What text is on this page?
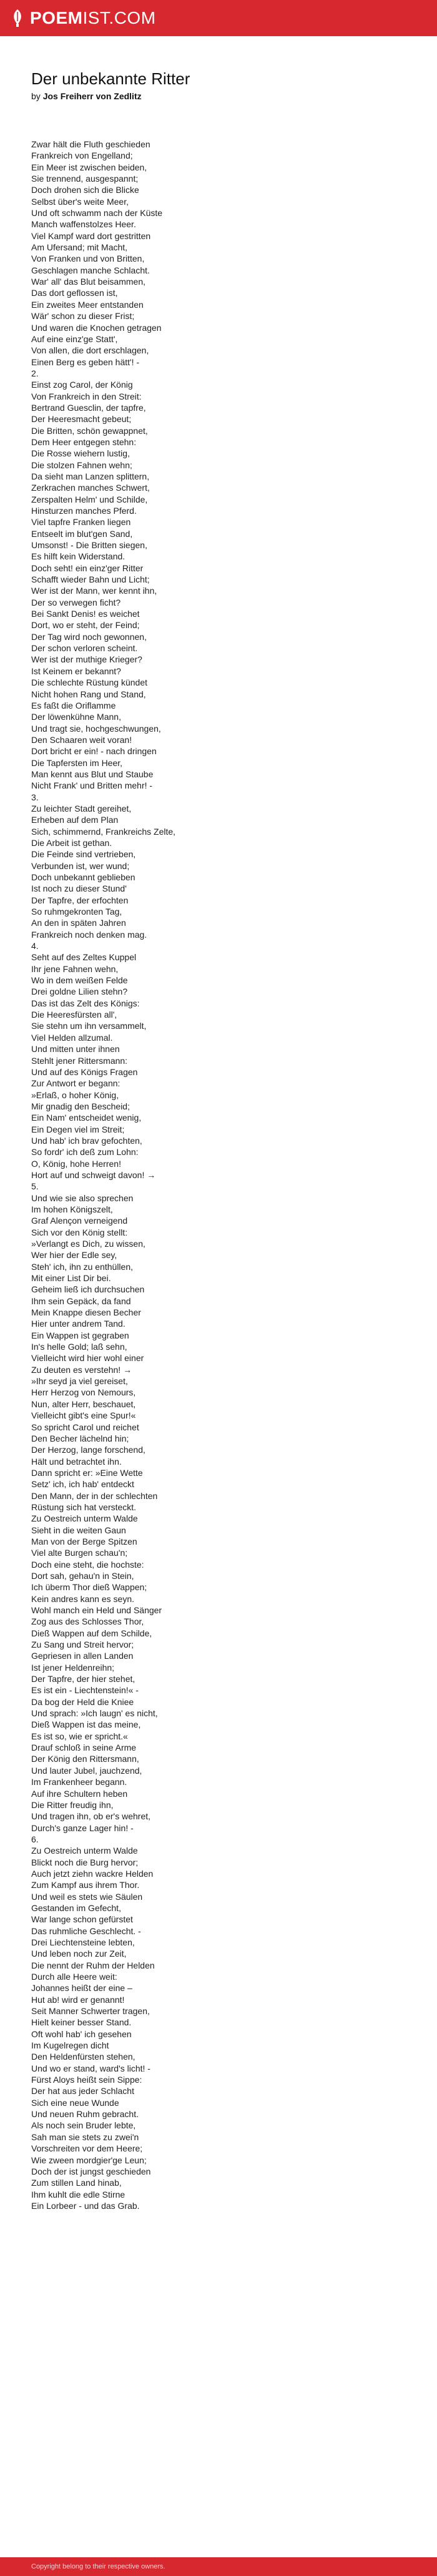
POEMIST.COM
Der unbekannte Ritter
by Jos Freiherr von Zedlitz
Zwar hält die Fluth geschieden
Frankreich von Engelland;
Ein Meer ist zwischen beiden,
Sie trennend, ausgespannt;
Doch drohen sich die Blicke
Selbst über's weite Meer,
Und oft schwamm nach der Küste
Manch waffenstolzes Heer.
Viel Kampf ward dort gestritten
Am Ufersand; mit Macht,
Von Franken und von Britten,
Geschlagen manche Schlacht.
War' all' das Blut beisammen,
Das dort geflossen ist,
Ein zweites Meer entstanden
Wär' schon zu dieser Frist;
Und waren die Knochen getragen
Auf eine einz'ge Statt',
Von allen, die dort erschlagen,
Einen Berg es geben hätt'! -
2.
Einst zog Carol, der König
Von Frankreich in den Streit:
Bertrand Guesclin, der tapfre,
Der Heeresmacht gebeut;
Die Britten, schön gewappnet,
Dem Heer entgegen stehn:
Die Rosse wiehern lustig,
Die stolzen Fahnen wehn;
Da sieht man Lanzen splittern,
Zerkrachen manches Schwert,
Zerspalten Helm' und Schilde,
Hinsturzen manches Pferd.
Viel tapfre Franken liegen
Entseelt im blut'gen Sand,
Umsonst! - Die Britten siegen,
Es hilft kein Widerstand.
Doch seht! ein einz'ger Ritter
Schafft wieder Bahn und Licht;
Wer ist der Mann, wer kennt ihn,
Der so verwegen ficht?
Bei Sankt Denis! es weichet
Dort, wo er steht, der Feind;
Der Tag wird noch gewonnen,
Der schon verloren scheint.
Wer ist der muthige Krieger?
Ist Keinem er bekannt?
Die schlechte Rüstung kündet
Nicht hohen Rang und Stand,
Es faßt die Oriflamme
Der löwenkühne Mann,
Und tragt sie, hochgeschwungen,
Den Schaaren weit voran!
Dort bricht er ein! - nach dringen
Die Tapfersten im Heer,
Man kennt aus Blut und Staube
Nicht Frank' und Britten mehr! -
3.
Zu leichter Stadt gereihet,
Erheben auf dem Plan
Sich, schimmernd, Frankreichs Zelte,
Die Arbeit ist gethan.
Die Feinde sind vertrieben,
Verbunden ist, wer wund;
Doch unbekannt geblieben
Ist noch zu dieser Stund'
Der Tapfre, der erfochten
So ruhmgekronten Tag,
An den in späten Jahren
Frankreich noch denken mag.
4.
Seht auf des Zeltes Kuppel
Ihr jene Fahnen wehn,
Wo in dem weißen Felde
Drei goldne Lilien stehn?
Das ist das Zelt des Königs:
Die Heeresfürsten all',
Sie stehn um ihn versammelt,
Viel Helden allzumal.
Und mitten unter ihnen
Stehlt jener Rittersmann:
Und auf des Königs Fragen
Zur Antwort er begann:
»Erlaß, o hoher König,
Mir gnadig den Bescheid;
Ein Nam' entscheidet wenig,
Ein Degen viel im Streit;
Und hab' ich brav gefochten,
So fordr' ich deß zum Lohn:
O, König, hohe Herren!
Hort auf und schweigt davon! →
5.
Und wie sie also sprechen
Im hohen Königszelt,
Graf Alençon verneigend
Sich vor den König stellt:
»Verlangt es Dich, zu wissen,
Wer hier der Edle sey,
Steh' ich, ihn zu enthüllen,
Mit einer List Dir bei.
Geheim ließ ich durchsuchen
Ihm sein Gepäck, da fand
Mein Knappe diesen Becher
Hier unter andrem Tand.
Ein Wappen ist gegraben
In's helle Gold; laß sehn,
Vielleicht wird hier wohl einer
Zu deuten es verstehn! →
»Ihr seyd ja viel gereiset,
Herr Herzog von Nemours,
Nun, alter Herr, beschauet,
Vielleicht gibt's eine Spur!«
So spricht Carol und reichet
Den Becher lächelnd hin;
Der Herzog, lange forschend,
Hält und betrachtet ihn.
Dann spricht er: »Eine Wette
Setz' ich, ich hab' entdeckt
Den Mann, der in der schlechten
Rüstung sich hat versteckt.
Zu Oestreich unterm Walde
Sieht in die weiten Gaun
Man von der Berge Spitzen
Viel alte Burgen schau'n;
Doch eine steht, die hochste:
Dort sah, gehau'n in Stein,
Ich überm Thor dieß Wappen;
Kein andres kann es seyn.
Wohl manch ein Held und Sänger
Zog aus des Schlosses Thor,
Dieß Wappen auf dem Schilde,
Zu Sang und Streit hervor;
Gepriesen in allen Landen
Ist jener Heldenreihn;
Der Tapfre, der hier stehet,
Es ist ein - Liechtenstein!« -
Da bog der Held die Kniee
Und sprach: »Ich laugn' es nicht,
Dieß Wappen ist das meine,
Es ist so, wie er spricht.«
Drauf schloß in seine Arme
Der König den Rittersmann,
Und lauter Jubel, jauchzend,
Im Frankenheer begann.
Auf ihre Schultern heben
Die Ritter freudig ihn,
Und tragen ihn, ob er's wehret,
Durch's ganze Lager hin! -
6.
Zu Oestreich unterm Walde
Blickt noch die Burg hervor;
Auch jetzt ziehn wackre Helden
Zum Kampf aus ihrem Thor.
Und weil es stets wie Säulen
Gestanden im Gefecht,
War lange schon gefürstet
Das ruhmliche Geschlecht. -
Drei Liechtensteine lebten,
Und leben noch zur Zeit,
Die nennt der Ruhm der Helden
Durch alle Heere weit:
Johannes heißt der eine –
Hut ab! wird er genannt!
Seit Manner Schwerter tragen,
Hielt keiner besser Stand.
Oft wohl hab' ich gesehen
Im Kugelregen dicht
Den Heldenfürsten stehen,
Und wo er stand, ward's licht! -
Fürst Aloys heißt sein Sippe:
Der hat aus jeder Schlacht
Sich eine neue Wunde
Und neuen Ruhm gebracht.
Als noch sein Bruder lebte,
Sah man sie stets zu zwei'n
Vorschreiten vor dem Heere;
Wie zween mordgier'ge Leun;
Doch der ist jungst geschieden
Zum stillen Land hinab,
Ihm kuhlt die edle Stirne
Ein Lorbeer - und das Grab.
Copyright belong to their respective owners.
